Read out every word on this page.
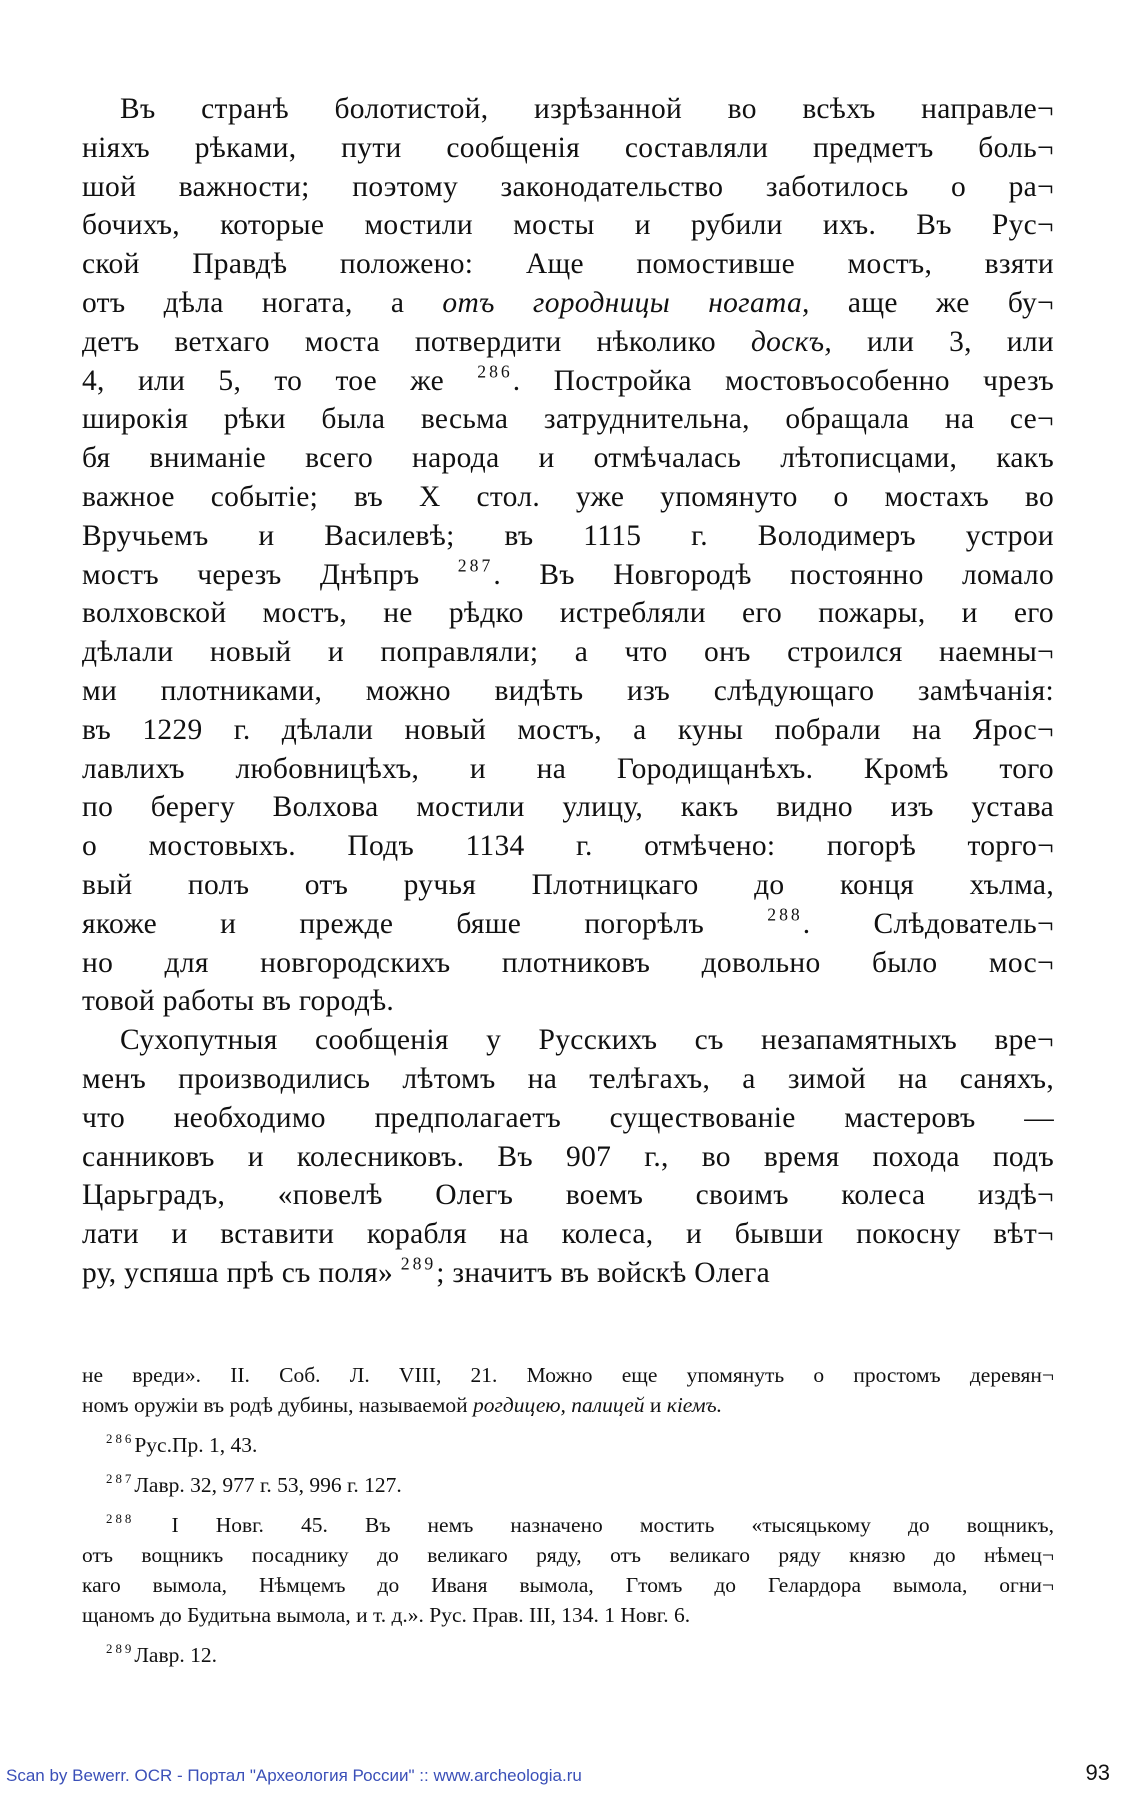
Въ странѣ болотистой, изрѣзанной во всѣхъ направле¬
ніяхъ рѣками, пути сообщенія составляли предметъ боль¬
шой важности; поэтому законодательство заботилось о ра¬
бочихъ, которые мостили мосты и рубили ихъ. Въ Рус¬
ской Правдѣ положено: Аще помостивше мостъ, взяти
отъ дѣла ногата, а отъ городницы ногата, аще же бу¬
детъ ветхаго моста потвердити нѣколико доскъ, или 3, или
4, или 5, то тое же $^{286}$. Постройка мостовъособенно чрезъ
широкія рѣки была весьма затруднительна, обращала на се¬
бя вниманіе всего народа и отмѣчалась лѣтописцами, какъ
важное событіе; въ X стол. уже упомянуто о мостахъ во
Вручьемъ и Василевѣ; въ 1115 г. Володимеръ устрои
мостъ черезъ Днѣпръ $^{287}$. Въ Новгородѣ постоянно ломало
волховской мостъ, не рѣдко истребляли его пожары, и его
дѣлали новый и поправляли; а что онъ строился наемны¬
ми плотниками, можно видѣть изъ слѣдующаго замѣчанія:
въ 1229 г. дѣлали новый мостъ, а куны побрали на Ярос¬
лавлихъ любовницѣхъ, и на Городищанѣхъ. Кромѣ того
по берегу Волхова мостили улицу, какъ видно изъ устава
о мостовыхъ. Подъ 1134 г. отмѣчено: погорѣ торго¬
вый полъ отъ ручья Плотницкаго до конця хълма,
якоже и прежде бяше погорѣлъ $^{288}$. Слѣдователь¬
но для новгородскихъ плотниковъ довольно было мос¬
товой работы въ городѣ.
Сухопутныя сообщенія у Русскихъ съ незапамятныхъ вре¬
менъ производились лѣтомъ на телѣгахъ, а зимой на саняхъ,
что необходимо предполагаетъ существованіе мастеровъ —
санниковъ и колесниковъ. Въ 907 г., во время похода подъ
Царьградъ, «повелѣ Олегъ воемъ своимъ колеса издѣ¬
лати и вставити корабля на колеса, и бывши покосну вѣт¬
ру, успяша прѣ съ поля» $^{289}$; значитъ въ войскѣ Олега
не вреди». II. Соб. Л. VIII, 21. Можно еще упомянуть о простомъ деревян¬
номъ оружіи въ родѣ дубины, называемой рогдицею, палицей и кіемъ.
$^{286}$Рус.Пр. 1, 43.
$^{287}$Лавр. 32, 977 г. 53, 996 г. 127.
$^{288}$ I Новг. 45. Въ немъ назначено мостить «тысяцькому до вощникъ,
отъ вощникъ посаднику до великаго ряду, отъ великаго ряду князю до нѣмец¬
каго вымола, Нѣмцемъ до Иваня вымола, Гтомъ до Гелардора вымола, огни¬
щаномъ до Будитьна вымола, и т. д.». Рус. Прав. III, 134. 1 Новг. 6.
$^{289}$Лавр. 12.
Scan by Bewerr. OCR - Портал "Археология России" :: www.archeologia.ru	93
